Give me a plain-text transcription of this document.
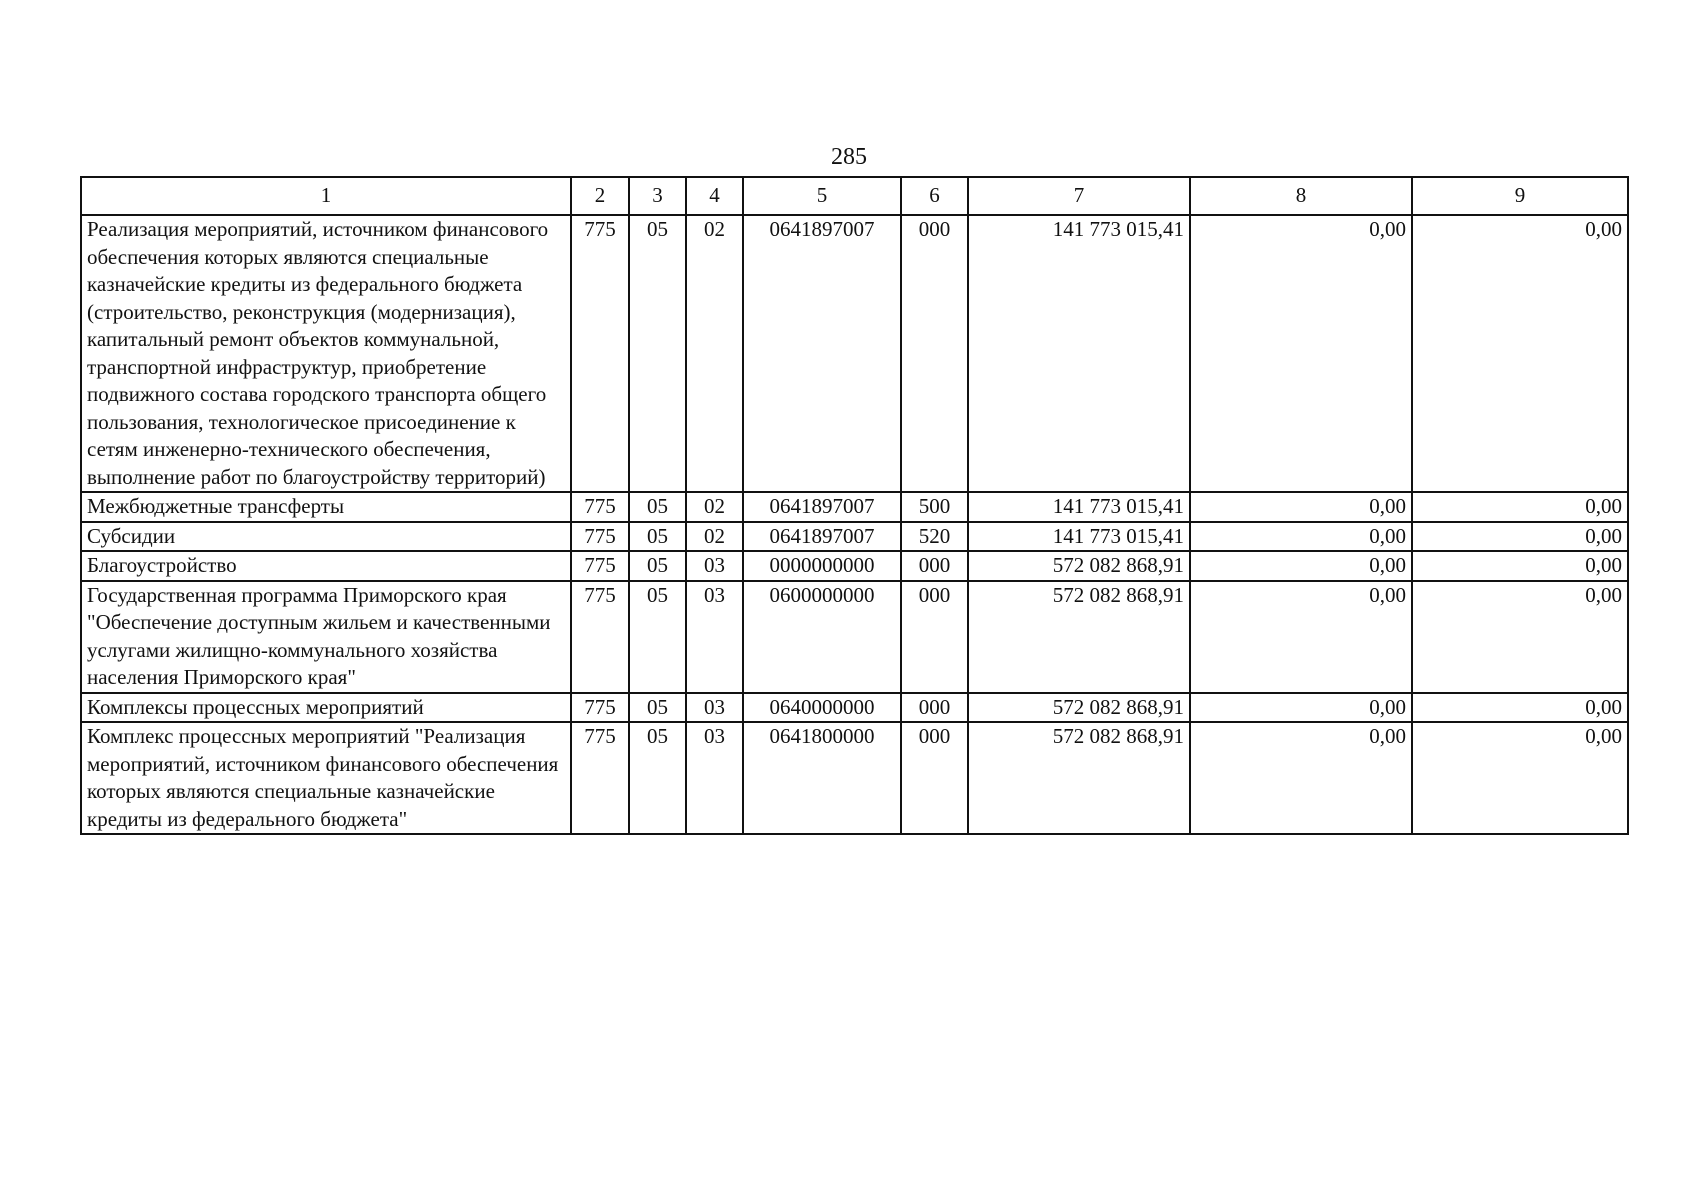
285
1	2	3	4	5	6	7	8	9
Реализация мероприятий, источником финансового обеспечения которых являются специальные казначейские кредиты из федерального бюджета (строительство, реконструкция (модернизация), капитальный ремонт объектов коммунальной, транспортной инфраструктур, приобретение подвижного состава городского транспорта общего пользования, технологическое присоединение к сетям инженерно-технического обеспечения, выполнение работ по благоустройству территорий)	775	05	02	0641897007	000	141 773 015,41	0,00	0,00
Межбюджетные трансферты	775	05	02	0641897007	500	141 773 015,41	0,00	0,00
Субсидии	775	05	02	0641897007	520	141 773 015,41	0,00	0,00
Благоустройство	775	05	03	0000000000	000	572 082 868,91	0,00	0,00
Государственная программа Приморского края "Обеспечение доступным жильем и качественными услугами жилищно-коммунального хозяйства населения Приморского края"	775	05	03	0600000000	000	572 082 868,91	0,00	0,00
Комплексы процессных мероприятий	775	05	03	0640000000	000	572 082 868,91	0,00	0,00
Комплекс процессных мероприятий "Реализация мероприятий, источником финансового обеспечения которых являются специальные казначейские кредиты из федерального бюджета"	775	05	03	0641800000	000	572 082 868,91	0,00	0,00
